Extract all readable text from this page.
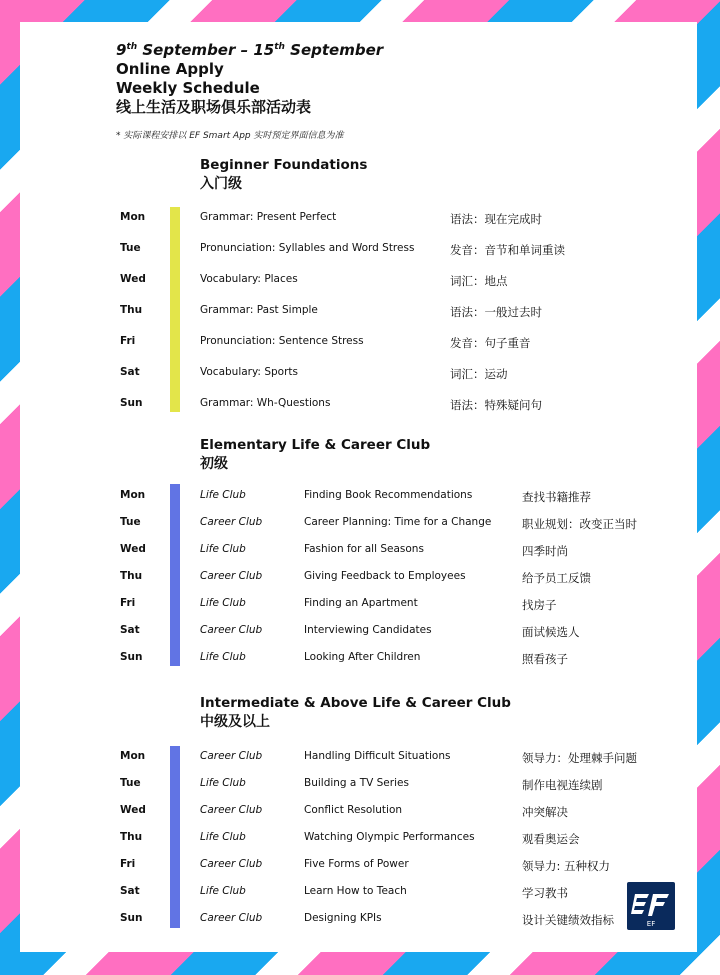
9th September – 15th September
Online Apply
Weekly Schedule
线上生活及职场俱乐部活动表
* 实际课程安排以 EF Smart App 实时预定界面信息为准
Beginner Foundations
入门级
Mon	Grammar: Present Perfect	语法：现在完成时
Tue	Pronunciation: Syllables and Word Stress	发音：音节和单词重读
Wed	Vocabulary: Places	词汇：地点
Thu	Grammar: Past Simple	语法：一般过去时
Fri	Pronunciation: Sentence Stress	发音：句子重音
Sat	Vocabulary: Sports	词汇：运动
Sun	Grammar: Wh-Questions	语法：特殊疑问句
Elementary Life & Career Club
初级
Mon	Life Club	Finding Book Recommendations	查找书籍推荐
Tue	Career Club	Career Planning: Time for a Change	职业规划：改变正当时
Wed	Life Club	Fashion for all Seasons	四季时尚
Thu	Career Club	Giving Feedback to Employees	给予员工反馈
Fri	Life Club	Finding an Apartment	找房子
Sat	Career Club	Interviewing Candidates	面试候选人
Sun	Life Club	Looking After Children	照看孩子
Intermediate & Above Life & Career Club
中级及以上
Mon	Career Club	Handling Difficult Situations	领导力：处理棘手问题
Tue	Life Club	Building a TV Series	制作电视连续剧
Wed	Career Club	Conflict Resolution	冲突解决
Thu	Life Club	Watching Olympic Performances	观看奥运会
Fri	Career Club	Five Forms of Power	领导力: 五种权力
Sat	Life Club	Learn How to Teach	学习教书
Sun	Career Club	Designing KPIs	设计关键绩效指标	EF
